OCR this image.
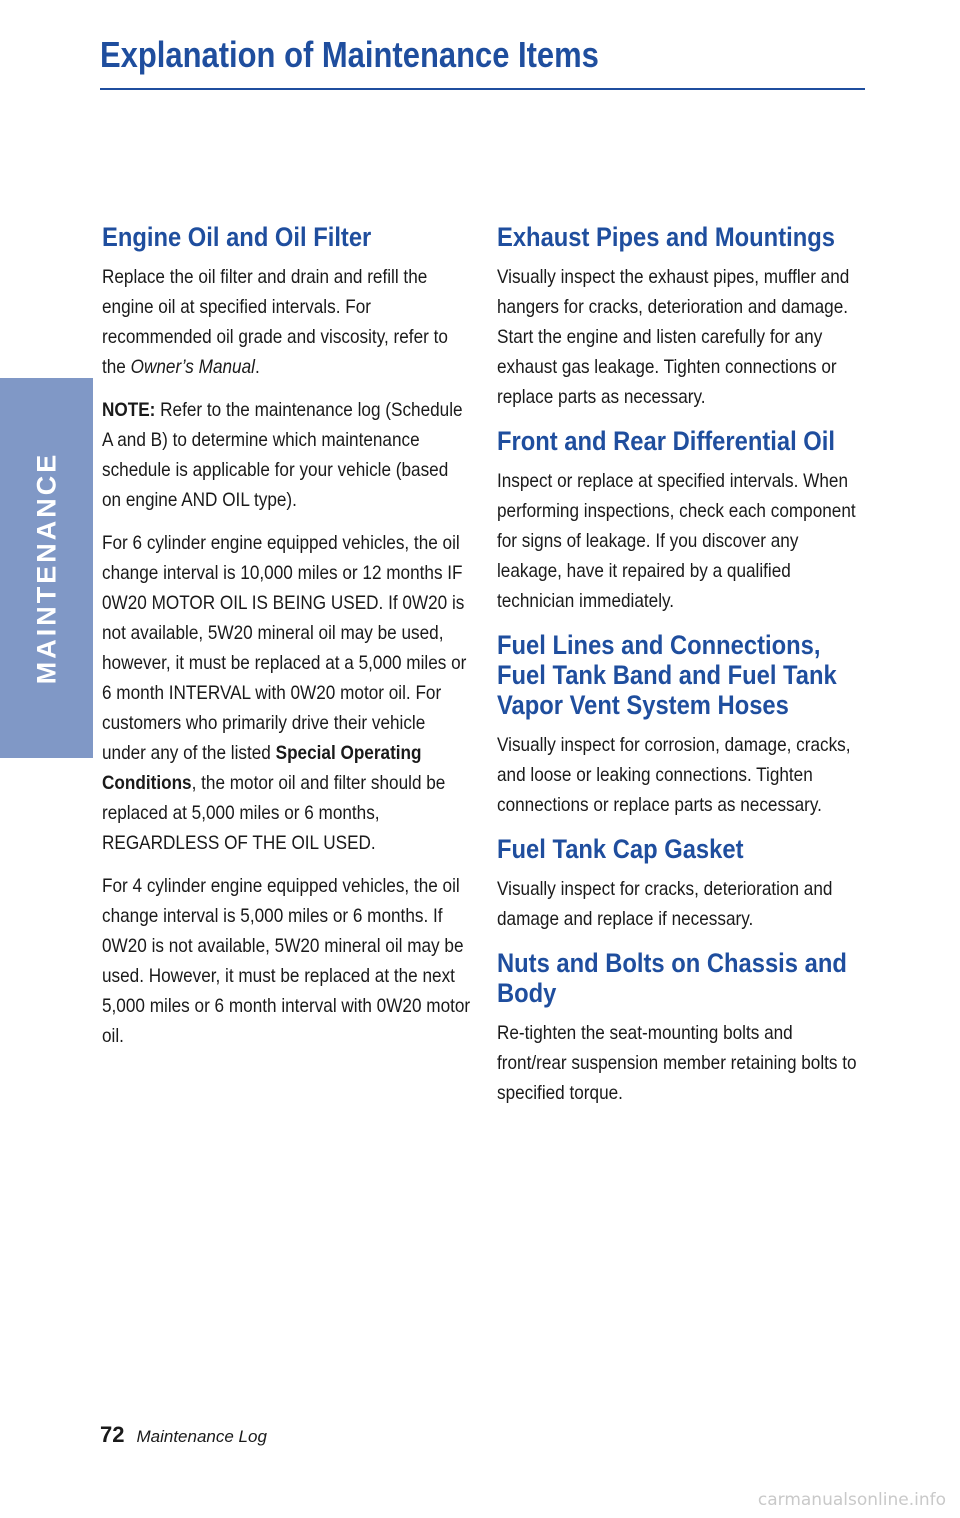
Explanation of Maintenance Items
MAINTENANCE
Engine Oil and Oil Filter

Replace the oil filter and drain and refill the engine oil at specified intervals. For recommended oil grade and viscosity, refer to the Owner’s Manual.

NOTE: Refer to the maintenance log (Schedule A and B) to determine which maintenance schedule is applicable for your vehicle (based on engine AND OIL type).

For 6 cylinder engine equipped vehicles, the oil change interval is 10,000 miles or 12 months IF 0W20 MOTOR OIL IS BEING USED. If 0W20 is not available, 5W20 mineral oil may be used, however, it must be replaced at a 5,000 miles or 6 month INTERVAL with 0W20 motor oil. For customers who primarily drive their vehicle under any of the listed Special Operating Conditions, the motor oil and filter should be replaced at 5,000 miles or 6 months, REGARDLESS OF THE OIL USED.

For 4 cylinder engine equipped vehicles, the oil change interval is 5,000 miles or 6 months. If 0W20 is not available, 5W20 mineral oil may be used. However, it must be replaced at the next 5,000 miles or 6 month interval with 0W20 motor oil.

Exhaust Pipes and Mountings

Visually inspect the exhaust pipes, muffler and hangers for cracks, deterioration and damage. Start the engine and listen carefully for any exhaust gas leakage. Tighten connections or replace parts as necessary.

Front and Rear Differential Oil

Inspect or replace at specified intervals. When performing inspections, check each component for signs of leakage. If you discover any leakage, have it repaired by a qualified technician immediately.

Fuel Lines and Connections, Fuel Tank Band and Fuel Tank Vapor Vent System Hoses

Visually inspect for corrosion, damage, cracks, and loose or leaking connections. Tighten connections or replace parts as necessary.

Fuel Tank Cap Gasket

Visually inspect for cracks, deterioration and damage and replace if necessary.

Nuts and Bolts on Chassis and Body

Re-tighten the seat-mounting bolts and front/rear suspension member retaining bolts to specified torque.

72 Maintenance Log
carmanualsonline.info
